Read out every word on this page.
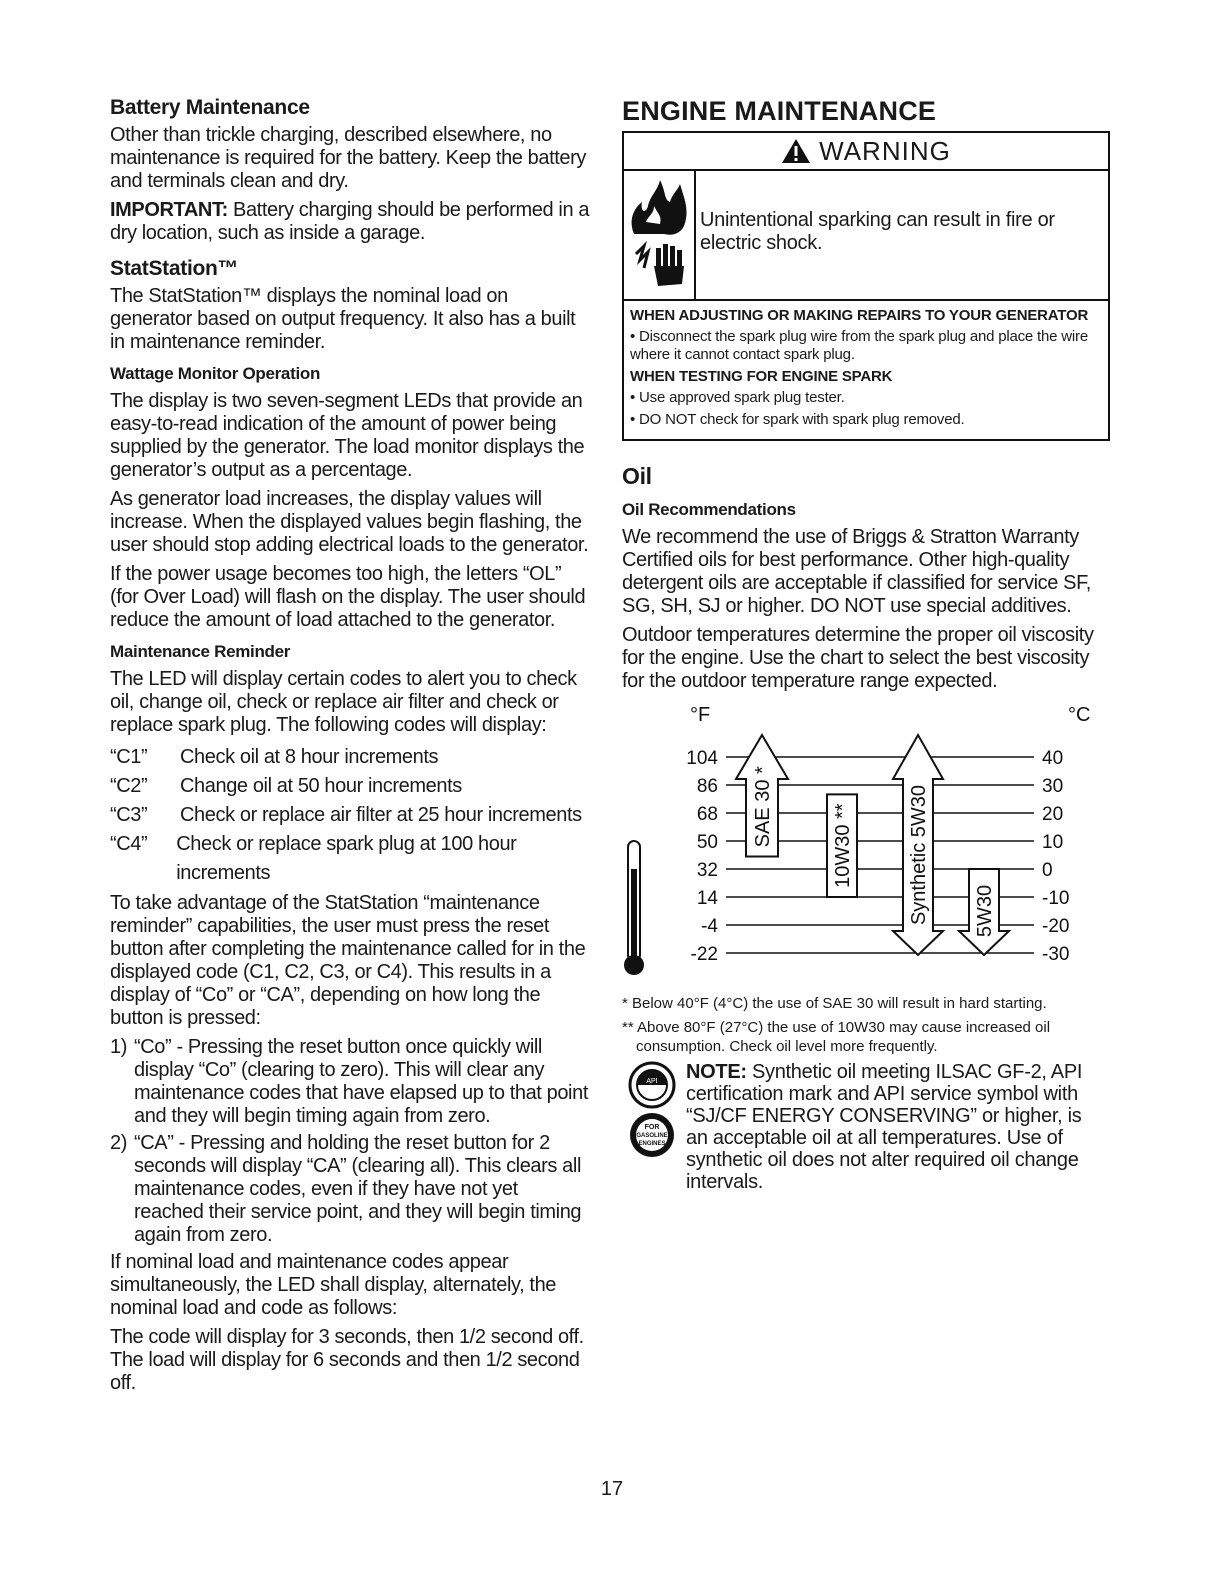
Battery Maintenance

Other than trickle charging, described elsewhere, no maintenance is required for the battery. Keep the battery and terminals clean and dry.

IMPORTANT: Battery charging should be performed in a dry location, such as inside a garage.

StatStation™

The StatStation™ displays the nominal load on generator based on output frequency. It also has a built in maintenance reminder.

Wattage Monitor Operation

The display is two seven-segment LEDs that provide an easy-to-read indication of the amount of power being supplied by the generator. The load monitor displays the generator’s output as a percentage.

As generator load increases, the display values will increase. When the displayed values begin flashing, the user should stop adding electrical loads to the generator.

If the power usage becomes too high, the letters “OL” (for Over Load) will flash on the display. The user should reduce the amount of load attached to the generator.

Maintenance Reminder

The LED will display certain codes to alert you to check oil, change oil, check or replace air filter and check or replace spark plug. The following codes will display:

“C1”	Check oil at 8 hour increments
“C2”	Change oil at 50 hour increments
“C3”	Check or replace air filter at 25 hour increments
“C4”	Check or replace spark plug at 100 hour increments

To take advantage of the StatStation “maintenance reminder” capabilities, the user must press the reset button after completing the maintenance called for in the displayed code (C1, C2, C3, or C4). This results in a display of “Co” or “CA”, depending on how long the button is pressed:

1) “Co” - Pressing the reset button once quickly will display “Co” (clearing to zero). This will clear any maintenance codes that have elapsed up to that point and they will begin timing again from zero.
2) “CA” - Pressing and holding the reset button for 2 seconds will display “CA” (clearing all). This clears all maintenance codes, even if they have not yet reached their service point, and they will begin timing again from zero.

If nominal load and maintenance codes appear simultaneously, the LED shall display, alternately, the nominal load and code as follows:

The code will display for 3 seconds, then 1/2 second off. The load will display for 6 seconds and then 1/2 second off.

ENGINE MAINTENANCE
WARNING
Unintentional sparking can result in fire or electric shock.
WHEN ADJUSTING OR MAKING REPAIRS TO YOUR GENERATOR
• Disconnect the spark plug wire from the spark plug and place the wire where it cannot contact spark plug.
WHEN TESTING FOR ENGINE SPARK
• Use approved spark plug tester.
• DO NOT check for spark with spark plug removed.
Oil
Oil Recommendations

We recommend the use of Briggs & Stratton Warranty Certified oils for best performance. Other high-quality detergent oils are acceptable if classified for service SF, SG, SH, SJ or higher. DO NOT use special additives.

Outdoor temperatures determine the proper oil viscosity for the engine. Use the chart to select the best viscosity for the outdoor temperature range expected.

°F	°C
104	40
86	30
68	20
50	10
32	0
14	-10
-4	-20
-22	-30
SAE 30 *	10W30 **	Synthetic 5W30 5W30
* Below 40°F (4°C) the use of SAE 30 will result in hard starting.
** Above 80°F (27°C) the use of 10W30 may cause increased oil consumption. Check oil level more frequently.
API
FOR
GASOLINE
ENGINES
NOTE: Synthetic oil meeting ILSAC GF-2, API certification mark and API service symbol with “SJ/CF ENERGY CONSERVING” or higher, is an acceptable oil at all temperatures. Use of synthetic oil does not alter required oil change intervals.
17
